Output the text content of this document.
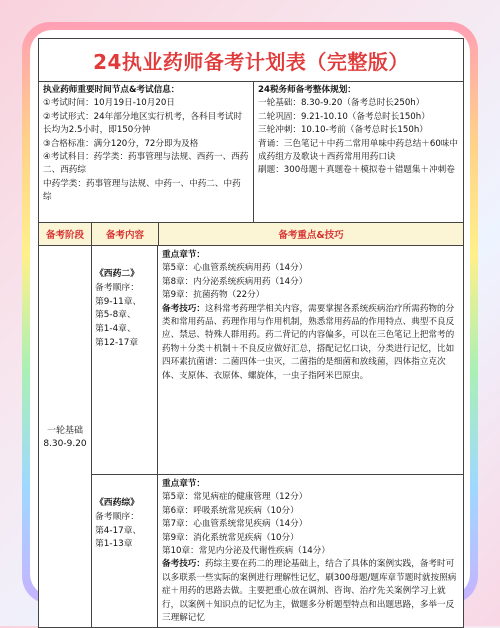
24执业药师备考计划表（完整版）
执业药师重要时间节点&考试信息：
①考试时间：10月19日-10月20日
②考试形式：24年部分地区实行机考，各科目考试时长均为2.5小时，即150分钟
③合格标准：满分120分，72分即为及格
④考试科目：药学类：药事管理与法规、西药一、西药二、西药综
中药学类：药事管理与法规、中药一、中药二、中药综
24税务师备考整体规划：
一轮基础：8.30-9.20（备考总时长250h）
二轮巩固：9.21-10.10（备考总时长150h）
三轮冲刺：10.10-考前（备考总时长150h）
背诵：三色笔记＋中药二常用单味中药总结＋60味中成药组方及歌诀＋西药常用用药口诀
刷题：300母题＋真题卷＋模拟卷＋错题集＋冲刺卷
备考阶段	备考内容	备考重点&技巧
一轮基础
8.30-9.20
《西药二》
备考顺序：
第9-11章、
第5-8章、
第1-4章、
第12-17章
重点章节：
第5章：心血管系统疾病用药（14分）
第8章：内分泌系统疾病用药（14分）
第9章：抗菌药物（22分）
备考技巧：这科常考药理学相关内容，需要掌握各系统疾病治疗所需药物的分类和常用药品、药理作用与作用机制，熟悉常用药品的作用特点、典型不良反应、禁忌、特殊人群用药。药二背记的内容偏多，可以在三色笔记上把常考的药物＋分类＋机制＋不良反应做好汇总，搭配记忆口诀，分类进行记忆，比如四环素抗菌谱：二菌四体一虫灭，二菌指的是细菌和放线菌，四体指立克次体、支原体、衣原体、螺旋体，一虫子指阿米巴原虫。
《西药综》
备考顺序：
第4-17章、
第1-13章
重点章节：
第5章：常见病症的健康管理（12分）
第6章：呼吸系统常见疾病（10分）
第7章：心血管系统常见疾病（14分）
第9章：消化系统常见疾病（10分）
第10章：常见内分泌及代谢性疾病（14分）
备考技巧：药综主要在药二的理论基础上，结合了具体的案例实践，备考时可以多联系一些实际的案例进行理解性记忆，刷300母题/题库章节题时就按照病症＋用药的思路去做。主要把重心放在调剂、咨询、治疗先关案例学习上就行，以案例＋知识点的记忆为主，做题多分析题型特点和出题思路，多举一反三理解记忆
